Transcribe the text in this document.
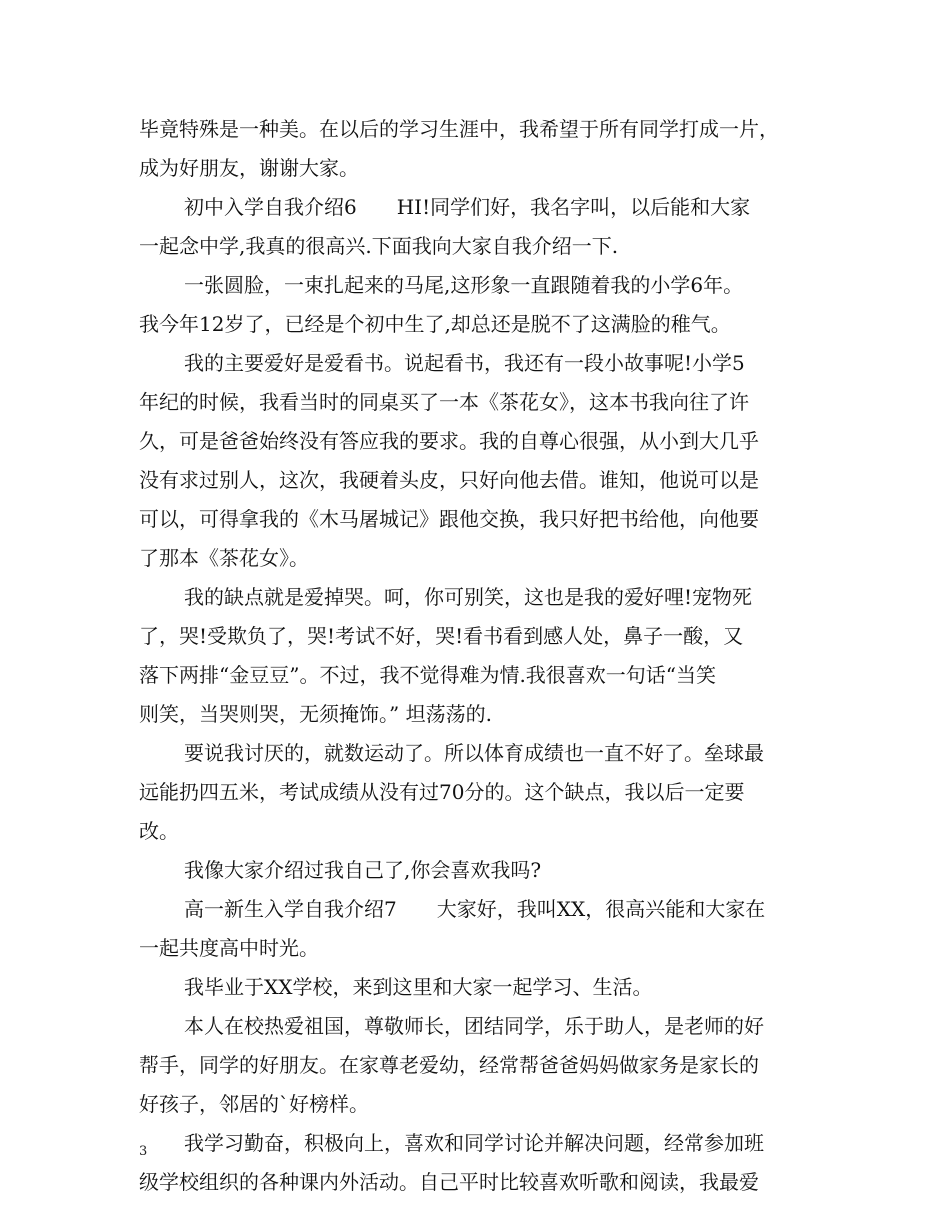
毕竟特殊是一种美。在以后的学习生涯中，我希望于所有同学打成一片，
成为好朋友，谢谢大家。
初中入学自我介绍6　　HI!同学们好，我名字叫，以后能和大家
一起念中学,我真的很高兴.下面我向大家自我介绍一下.
一张圆脸，一束扎起来的马尾,这形象一直跟随着我的小学6年。
我今年12岁了，已经是个初中生了,却总还是脱不了这满脸的稚气。
我的主要爱好是爱看书。说起看书，我还有一段小故事呢!小学5
年纪的时候，我看当时的同桌买了一本《茶花女》，这本书我向往了许
久，可是爸爸始终没有答应我的要求。我的自尊心很强，从小到大几乎
没有求过别人，这次，我硬着头皮，只好向他去借。谁知，他说可以是
可以，可得拿我的《木马屠城记》跟他交换，我只好把书给他，向他要
了那本《茶花女》。
我的缺点就是爱掉哭。呵，你可别笑，这也是我的爱好哩!宠物死
了，哭!受欺负了，哭!考试不好，哭!看书看到感人处，鼻子一酸，又
落下两排“金豆豆”。不过，我不觉得难为情.我很喜欢一句话“当笑
则笑，当哭则哭，无须掩饰。” 坦荡荡的.
要说我讨厌的，就数运动了。所以体育成绩也一直不好了。垒球最
远能扔四五米，考试成绩从没有过70分的。这个缺点，我以后一定要
改。
我像大家介绍过我自己了,你会喜欢我吗?
高一新生入学自我介绍7　　大家好，我叫XX，很高兴能和大家在
一起共度高中时光。
我毕业于XX学校，来到这里和大家一起学习、生活。
本人在校热爱祖国，尊敬师长，团结同学，乐于助人，是老师的好
帮手，同学的好朋友。在家尊老爱幼，经常帮爸爸妈妈做家务是家长的
好孩子，邻居的`好榜样。
我学习勤奋，积极向上，喜欢和同学讨论并解决问题，经常参加班
级学校组织的各种课内外活动。自己平时比较喜欢听歌和阅读，我最爱
3
